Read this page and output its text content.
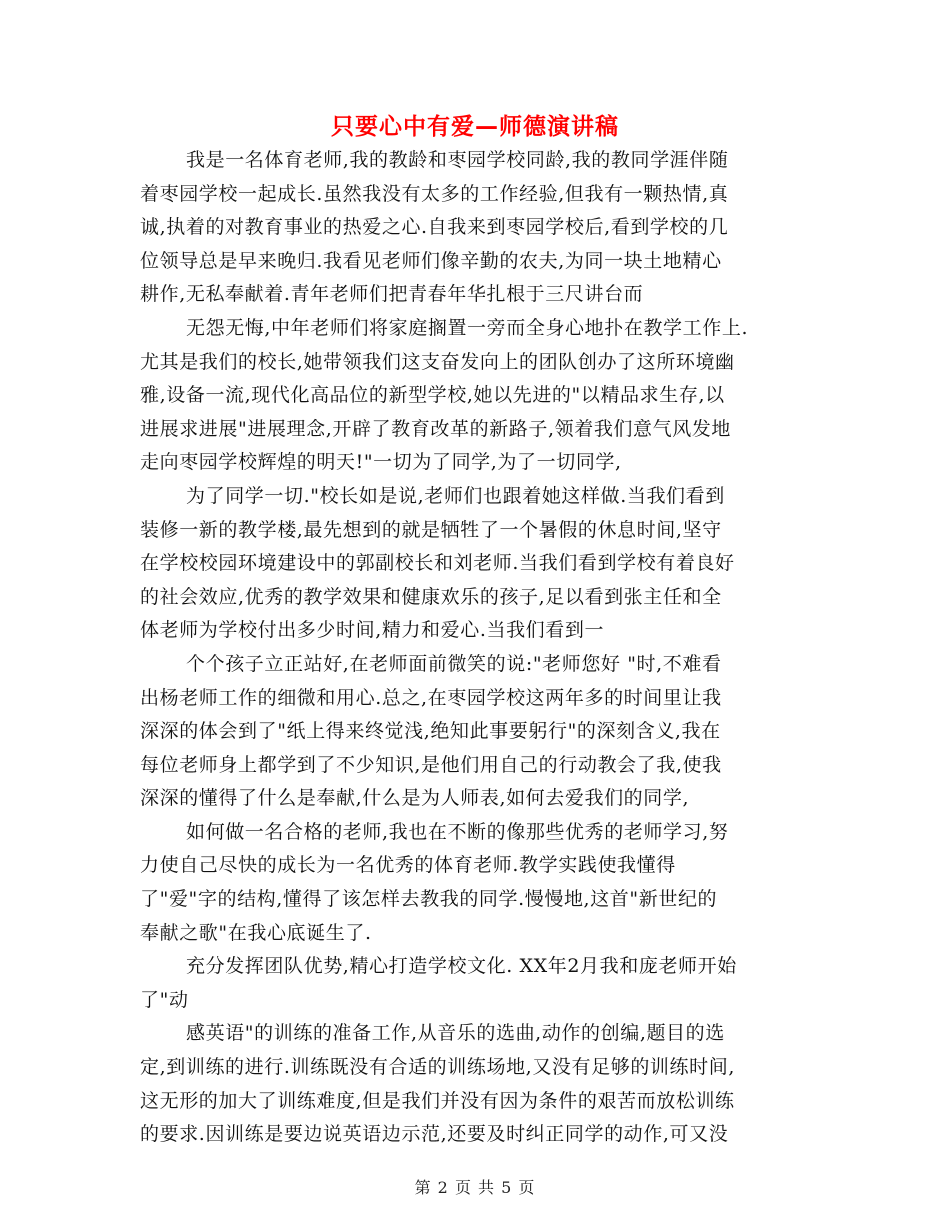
只要心中有爱—师德演讲稿
我是一名体育老师,我的教龄和枣园学校同龄,我的教同学涯伴随
着枣园学校一起成长.虽然我没有太多的工作经验,但我有一颗热情,真
诚,执着的对教育事业的热爱之心.自我来到枣园学校后,看到学校的几
位领导总是早来晚归.我看见老师们像辛勤的农夫,为同一块土地精心
耕作,无私奉献着.青年老师们把青春年华扎根于三尺讲台而
无怨无悔,中年老师们将家庭搁置一旁而全身心地扑在教学工作上.
尤其是我们的校长,她带领我们这支奋发向上的团队创办了这所环境幽
雅,设备一流,现代化高品位的新型学校,她以先进的"以精品求生存,以
进展求进展"进展理念,开辟了教育改革的新路子,领着我们意气风发地
走向枣园学校辉煌的明天!"一切为了同学,为了一切同学,
为了同学一切."校长如是说,老师们也跟着她这样做.当我们看到
装修一新的教学楼,最先想到的就是牺牲了一个暑假的休息时间,坚守
在学校校园环境建设中的郭副校长和刘老师.当我们看到学校有着良好
的社会效应,优秀的教学效果和健康欢乐的孩子,足以看到张主任和全
体老师为学校付出多少时间,精力和爱心.当我们看到一
个个孩子立正站好,在老师面前微笑的说:"老师您好 "时,不难看
出杨老师工作的细微和用心.总之,在枣园学校这两年多的时间里让我
深深的体会到了"纸上得来终觉浅,绝知此事要躬行"的深刻含义,我在
每位老师身上都学到了不少知识,是他们用自己的行动教会了我,使我
深深的懂得了什么是奉献,什么是为人师表,如何去爱我们的同学,
如何做一名合格的老师,我也在不断的像那些优秀的老师学习,努
力使自己尽快的成长为一名优秀的体育老师.教学实践使我懂得
了"爱"字的结构,懂得了该怎样去教我的同学.慢慢地,这首"新世纪的
奉献之歌"在我心底诞生了.
充分发挥团队优势,精心打造学校文化. XX年2月我和庞老师开始
了"动
感英语"的训练的准备工作,从音乐的选曲,动作的创编,题目的选
定,到训练的进行.训练既没有合适的训练场地,又没有足够的训练时间,
这无形的加大了训练难度,但是我们并没有因为条件的艰苦而放松训练
的要求.因训练是要边说英语边示范,还要及时纠正同学的动作,可又没
第 2 页 共 5 页
